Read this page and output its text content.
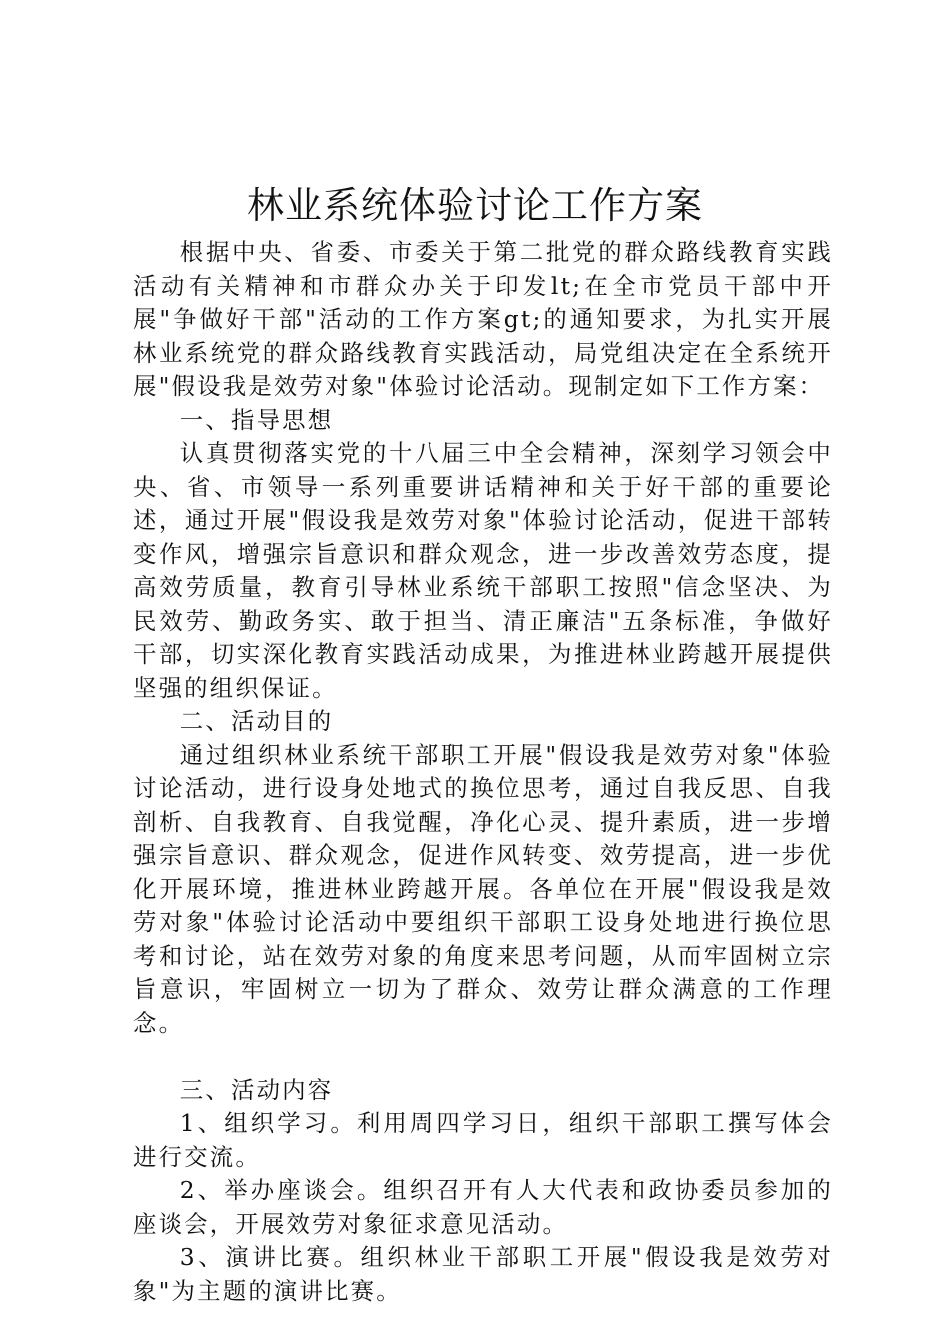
林业系统体验讨论工作方案

根据中央、省委、市委关于第二批党的群众路线教育实践活动有关精神和市群众办关于印发lt;在全市党员干部中开展"争做好干部"活动的工作方案gt;的通知要求，为扎实开展林业系统党的群众路线教育实践活动，局党组决定在全系统开展"假设我是效劳对象"体验讨论活动。现制定如下工作方案：

一、指导思想

认真贯彻落实党的十八届三中全会精神，深刻学习领会中央、省、市领导一系列重要讲话精神和关于好干部的重要论述，通过开展"假设我是效劳对象"体验讨论活动，促进干部转变作风，增强宗旨意识和群众观念，进一步改善效劳态度，提高效劳质量，教育引导林业系统干部职工按照"信念坚决、为民效劳、勤政务实、敢于担当、清正廉洁"五条标准，争做好干部，切实深化教育实践活动成果，为推进林业跨越开展提供坚强的组织保证。

二、活动目的

通过组织林业系统干部职工开展"假设我是效劳对象"体验讨论活动，进行设身处地式的换位思考，通过自我反思、自我剖析、自我教育、自我觉醒，净化心灵、提升素质，进一步增强宗旨意识、群众观念，促进作风转变、效劳提高，进一步优化开展环境，推进林业跨越开展。各单位在开展"假设我是效劳对象"体验讨论活动中要组织干部职工设身处地进行换位思考和讨论，站在效劳对象的角度来思考问题，从而牢固树立宗旨意识，牢固树立一切为了群众、效劳让群众满意的工作理念。

三、活动内容

1、组织学习。利用周四学习日，组织干部职工撰写体会进行交流。

2、举办座谈会。组织召开有人大代表和政协委员参加的座谈会，开展效劳对象征求意见活动。

3、演讲比赛。组织林业干部职工开展"假设我是效劳对象"为主题的演讲比赛。
